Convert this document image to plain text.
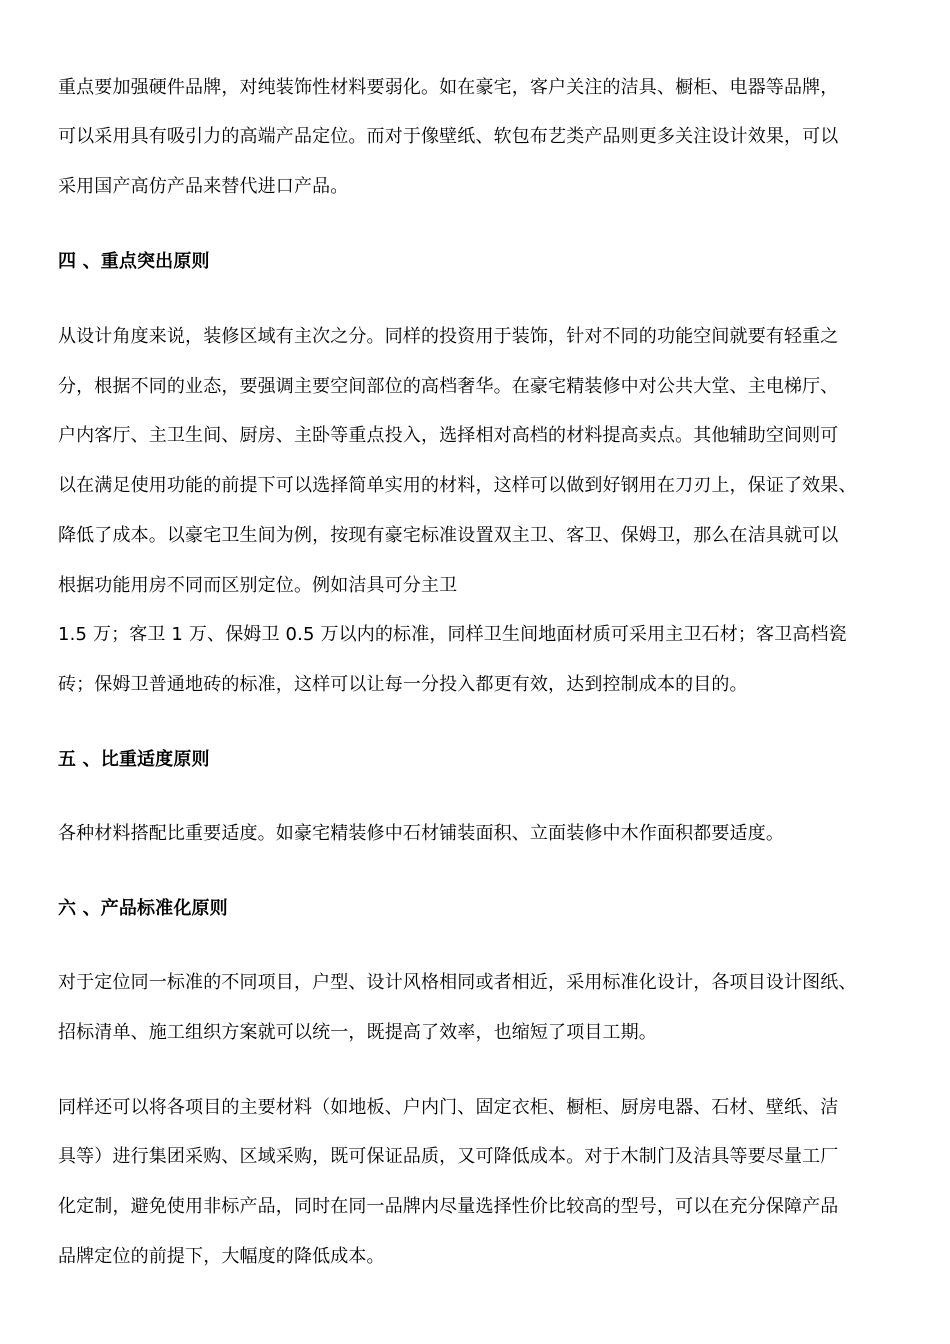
重点要加强硬件品牌，对纯装饰性材料要弱化。如在豪宅，客户关注的洁具、橱柜、电器等品牌，
可以采用具有吸引力的高端产品定位。而对于像壁纸、软包布艺类产品则更多关注设计效果，可以
采用国产高仿产品来替代进口产品。
四 、重点突出原则
从设计角度来说，装修区域有主次之分。同样的投资用于装饰，针对不同的功能空间就要有轻重之
分，根据不同的业态，要强调主要空间部位的高档奢华。在豪宅精装修中对公共大堂、主电梯厅、
户内客厅、主卫生间、厨房、主卧等重点投入，选择相对高档的材料提高卖点。其他辅助空间则可
以在满足使用功能的前提下可以选择简单实用的材料，这样可以做到好钢用在刀刃上，保证了效果、
降低了成本。以豪宅卫生间为例，按现有豪宅标准设置双主卫、客卫、保姆卫，那么在洁具就可以
根据功能用房不同而区别定位。例如洁具可分主卫
1.5 万；客卫 1 万、保姆卫 0.5 万以内的标准，同样卫生间地面材质可采用主卫石材；客卫高档瓷
砖；保姆卫普通地砖的标准，这样可以让每一分投入都更有效，达到控制成本的目的。
五 、比重适度原则
各种材料搭配比重要适度。如豪宅精装修中石材铺装面积、立面装修中木作面积都要适度。
六 、产品标准化原则
对于定位同一标准的不同项目，户型、设计风格相同或者相近，采用标准化设计，各项目设计图纸、
招标清单、施工组织方案就可以统一，既提高了效率，也缩短了项目工期。
同样还可以将各项目的主要材料（如地板、户内门、固定衣柜、橱柜、厨房电器、石材、壁纸、洁
具等）进行集团采购、区域采购，既可保证品质，又可降低成本。对于木制门及洁具等要尽量工厂
化定制，避免使用非标产品，同时在同一品牌内尽量选择性价比较高的型号，可以在充分保障产品
品牌定位的前提下，大幅度的降低成本。
